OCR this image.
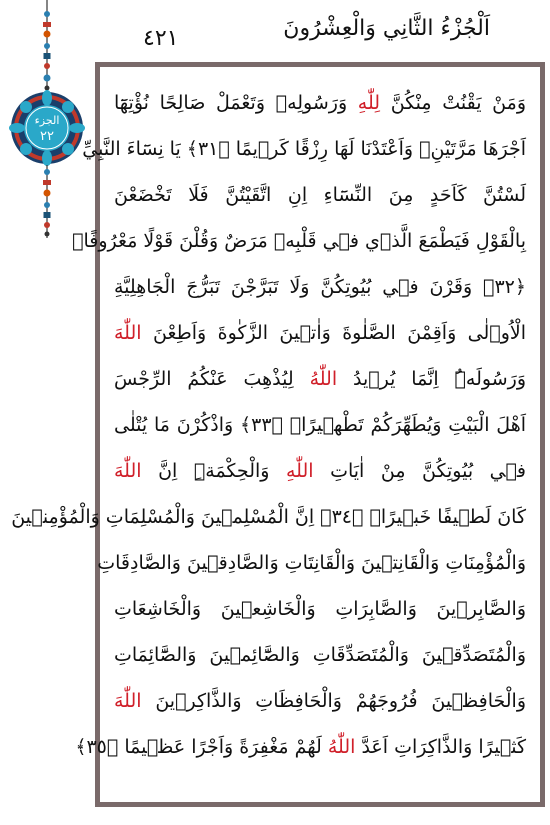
الجزء
٢٢
٤٢١	اَلْجُزْءُ الثَّانِي وَالْعِشْرُونَ
وَمَنْ يَقْنُتْ مِنْكُنَّ لِلّٰهِ وَرَسُولِه۪ وَتَعْمَلْ صَالِحًا نُؤْتِهَٓا
اَجْرَهَا مَرَّتَيْنِۙ وَاَعْتَدْنَا لَهَا رِزْقًا كَر۪يمًا ﴿٣١﴾ يَا نِسَٓاءَ النَّبِيِّ
لَسْتُنَّ كَاَحَدٍ مِنَ النِّسَٓاءِ اِنِ اتَّقَيْتُنَّ فَلَا تَخْضَعْنَ
بِالْقَوْلِ فَيَطْمَعَ الَّذ۪ي ف۪ي قَلْبِه۪ مَرَضٌ وَقُلْنَ قَوْلًا مَعْرُوفًاۚ
﴿٣٢﴾ وَقَرْنَ ف۪ي بُيُوتِكُنَّ وَلَا تَبَرَّجْنَ تَبَرُّجَ الْجَاهِلِيَّةِ
الْاُو۫لٰى وَاَقِمْنَ الصَّلٰوةَ وَاٰت۪ينَ الزَّكٰوةَ وَاَطِعْنَ اللّٰهَ
وَرَسُولَهُۜ اِنَّمَا يُر۪يدُ اللّٰهُ لِيُذْهِبَ عَنْكُمُ الرِّجْسَ
اَهْلَ الْبَيْتِ وَيُطَهِّرَكُمْ تَطْه۪يرًاۚ ﴿٣٣﴾ وَاذْكُرْنَ مَا يُتْلٰى
ف۪ي بُيُوتِكُنَّ مِنْ اٰيَاتِ اللّٰهِ وَالْحِكْمَةِۜ اِنَّ اللّٰهَ
كَانَ لَط۪يفًا خَب۪يرًا۟ ﴿٣٤﴾ اِنَّ الْمُسْلِم۪ينَ وَالْمُسْلِمَاتِ وَالْمُؤْمِن۪ينَ
وَالْمُؤْمِنَاتِ وَالْقَانِت۪ينَ وَالْقَانِتَاتِ وَالصَّادِق۪ينَ وَالصَّادِقَاتِ
وَالصَّابِر۪ينَ وَالصَّابِرَاتِ وَالْخَاشِع۪ينَ وَالْخَاشِعَاتِ
وَالْمُتَصَدِّق۪ينَ وَالْمُتَصَدِّقَاتِ وَالصَّٓائِم۪ينَ وَالصَّٓائِمَاتِ
وَالْحَافِظ۪ينَ فُرُوجَهُمْ وَالْحَافِظَاتِ وَالذَّاكِر۪ينَ اللّٰهَ
كَث۪يرًا وَالذَّاكِرَاتِ اَعَدَّ اللّٰهُ لَهُمْ مَغْفِرَةً وَاَجْرًا عَظ۪يمًا ﴿٣٥﴾
